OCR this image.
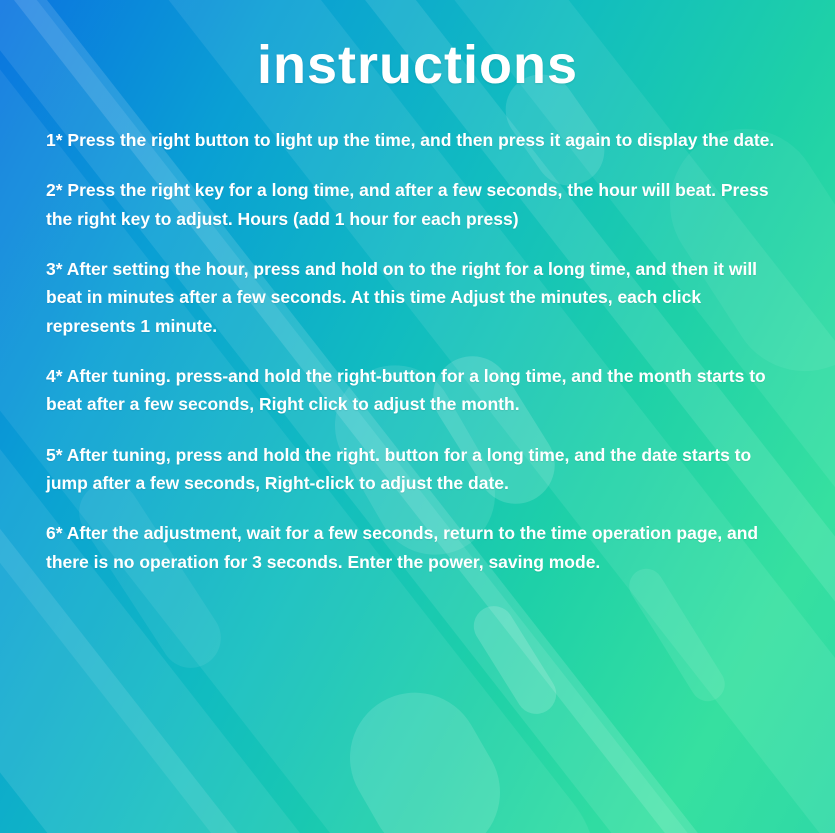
instructions

1* Press the right button to light up the time, and then press it again to display the date.

2* Press the right key for a long time, and after a few seconds, the hour will beat. Press the right key to adjust. Hours (add 1 hour for each press)

3* After setting the hour, press and hold on to the right for a long time, and then it will beat in minutes after a few seconds. At this time Adjust the minutes, each click represents 1 minute.

4* After tuning. press-and hold the right-button for a long time, and the month starts to beat after a few seconds, Right click to adjust the month.

5* After tuning, press and hold the right. button for a long time, and the date starts to jump after a few seconds, Right-click to adjust the date.

6* After the adjustment, wait for a few seconds, return to the time operation page, and there is no operation for 3 seconds. Enter the power, saving mode.
